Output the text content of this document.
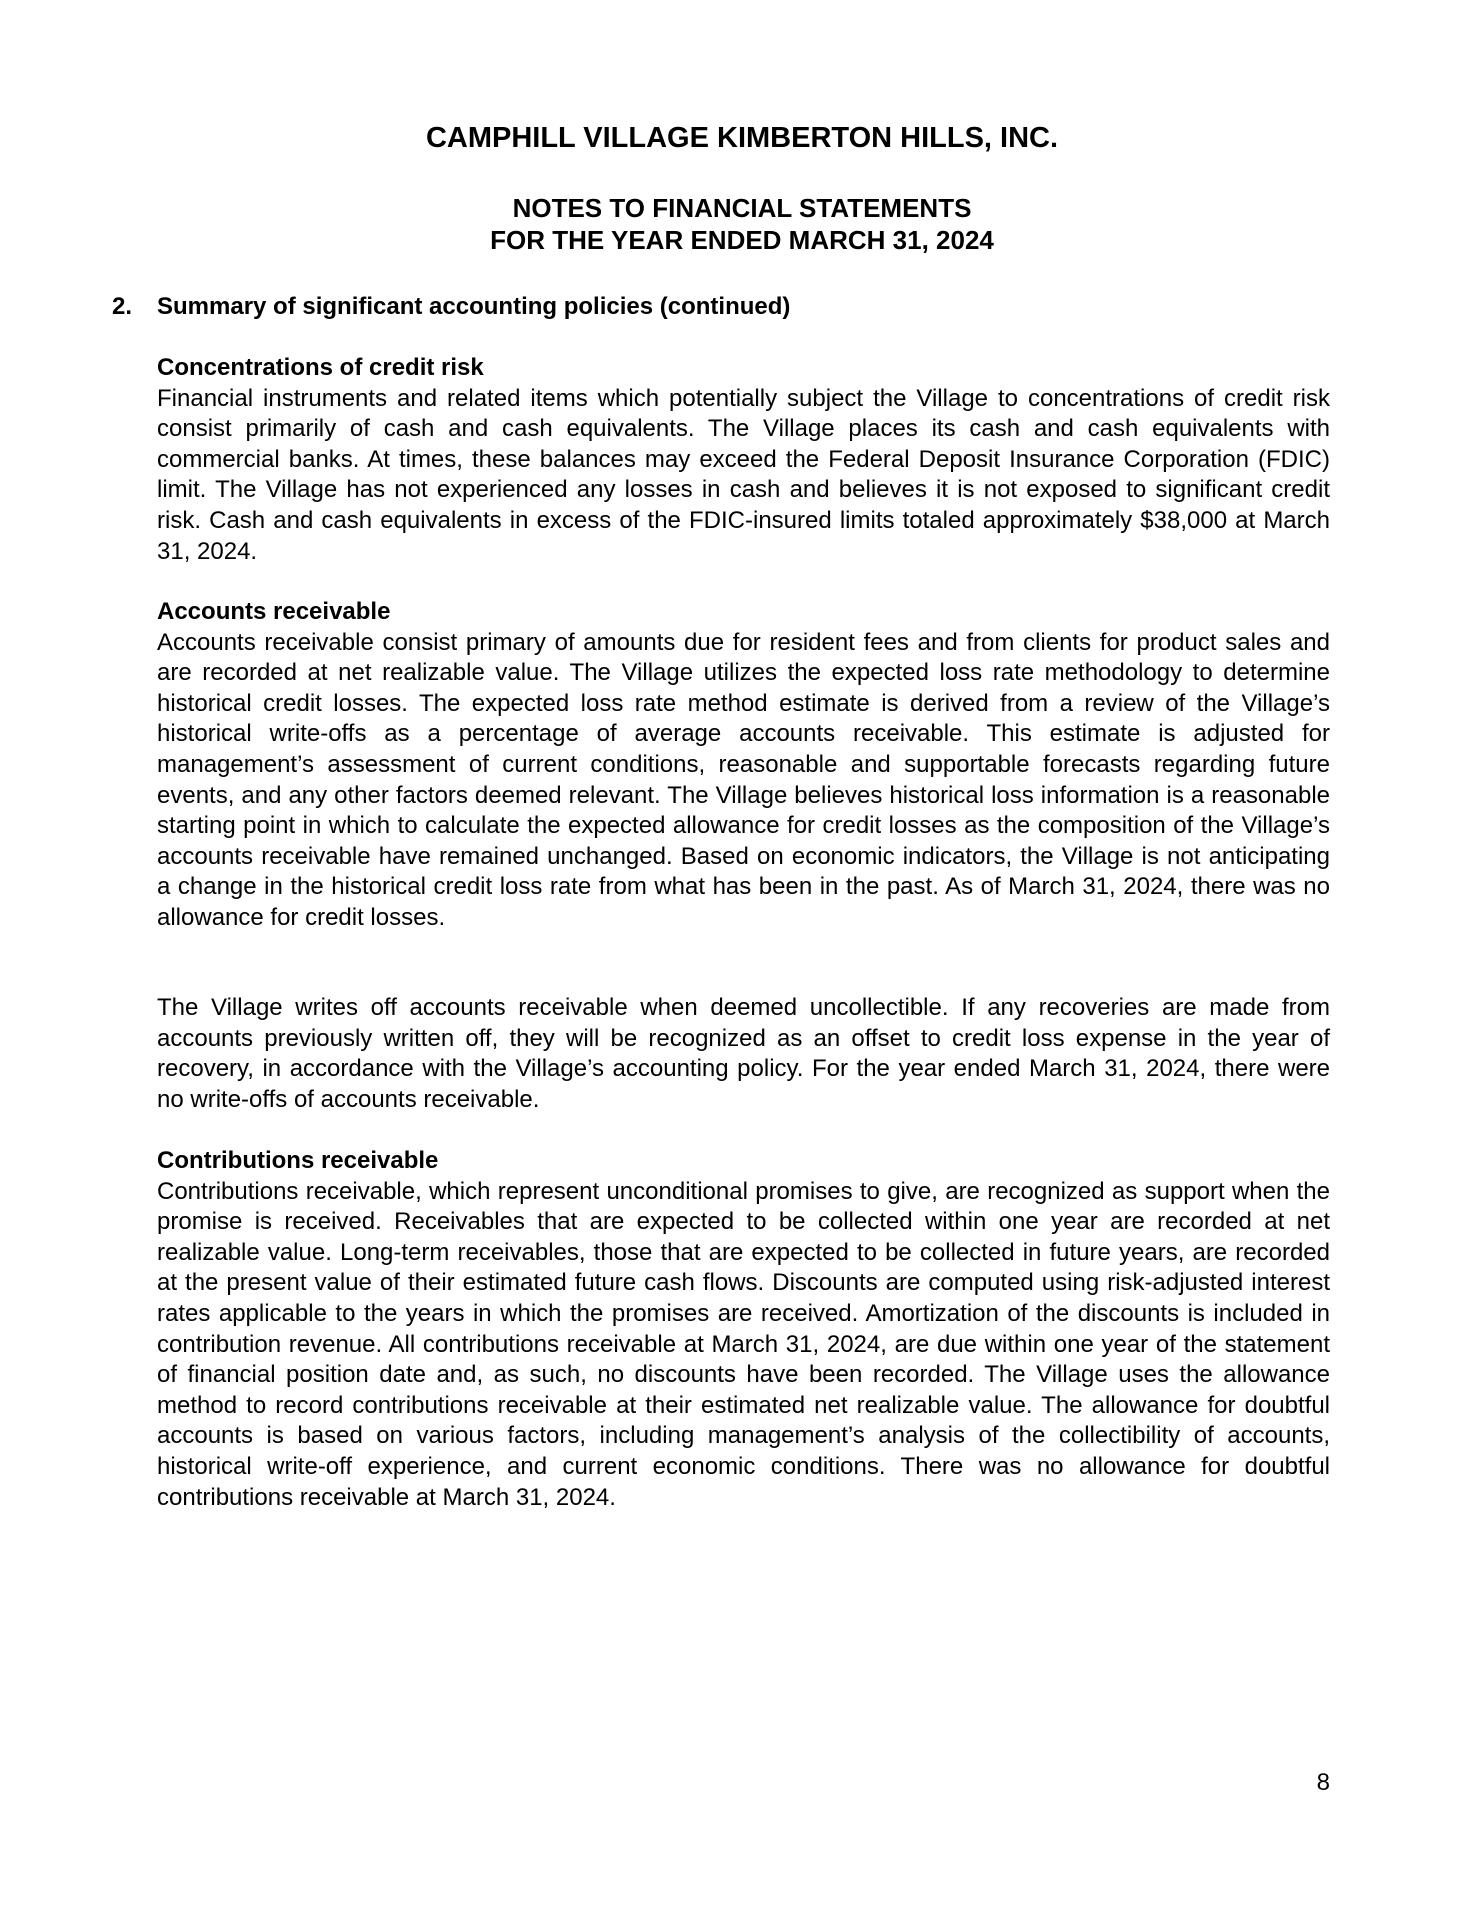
CAMPHILL VILLAGE KIMBERTON HILLS, INC.
NOTES TO FINANCIAL STATEMENTS
FOR THE YEAR ENDED MARCH 31, 2024
2. Summary of significant accounting policies (continued)
Concentrations of credit risk

Financial instruments and related items which potentially subject the Village to concentrations of credit risk consist primarily of cash and cash equivalents. The Village places its cash and cash equivalents with commercial banks. At times, these balances may exceed the Federal Deposit Insurance Corporation (FDIC) limit. The Village has not experienced any losses in cash and believes it is not exposed to significant credit risk. Cash and cash equivalents in excess of the FDIC-insured limits totaled approximately $38,000 at March 31, 2024.

Accounts receivable

Accounts receivable consist primary of amounts due for resident fees and from clients for product sales and are recorded at net realizable value. The Village utilizes the expected loss rate methodology to determine historical credit losses. The expected loss rate method estimate is derived from a review of the Village’s historical write-offs as a percentage of average accounts receivable. This estimate is adjusted for management’s assessment of current conditions, reasonable and supportable forecasts regarding future events, and any other factors deemed relevant. The Village believes historical loss information is a reasonable starting point in which to calculate the expected allowance for credit losses as the composition of the Village’s accounts receivable have remained unchanged. Based on economic indicators, the Village is not anticipating a change in the historical credit loss rate from what has been in the past. As of March 31, 2024, there was no allowance for credit losses.

The Village writes off accounts receivable when deemed uncollectible. If any recoveries are made from accounts previously written off, they will be recognized as an offset to credit loss expense in the year of recovery, in accordance with the Village’s accounting policy. For the year ended March 31, 2024, there were no write-offs of accounts receivable.

Contributions receivable

Contributions receivable, which represent unconditional promises to give, are recognized as support when the promise is received. Receivables that are expected to be collected within one year are recorded at net realizable value. Long-term receivables, those that are expected to be collected in future years, are recorded at the present value of their estimated future cash flows. Discounts are computed using risk-adjusted interest rates applicable to the years in which the promises are received. Amortization of the discounts is included in contribution revenue. All contributions receivable at March 31, 2024, are due within one year of the statement of financial position date and, as such, no discounts have been recorded. The Village uses the allowance method to record contributions receivable at their estimated net realizable value. The allowance for doubtful accounts is based on various factors, including management’s analysis of the collectibility of accounts, historical write-off experience, and current economic conditions. There was no allowance for doubtful contributions receivable at March 31, 2024.

8
